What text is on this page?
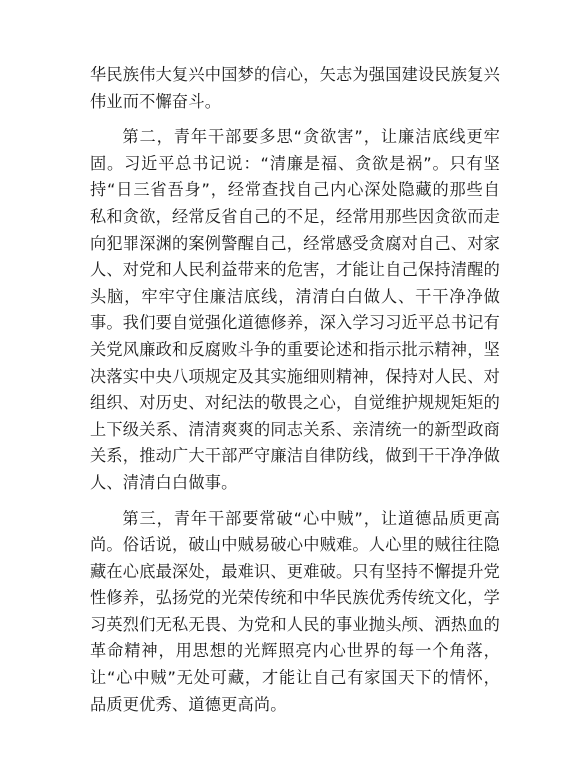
华民族伟大复兴中国梦的信心，矢志为强国建设民族复兴伟业而不懈奋斗。

第二，青年干部要多思“贪欲害”，让廉洁底线更牢固。习近平总书记说：“清廉是福、贪欲是祸”。只有坚持“日三省吾身”，经常查找自己内心深处隐藏的那些自私和贪欲，经常反省自己的不足，经常用那些因贪欲而走向犯罪深渊的案例警醒自己，经常感受贪腐对自己、对家人、对党和人民利益带来的危害，才能让自己保持清醒的头脑，牢牢守住廉洁底线，清清白白做人、干干净净做事。我们要自觉强化道德修养，深入学习习近平总书记有关党风廉政和反腐败斗争的重要论述和指示批示精神，坚决落实中央八项规定及其实施细则精神，保持对人民、对组织、对历史、对纪法的敬畏之心，自觉维护规规矩矩的上下级关系、清清爽爽的同志关系、亲清统一的新型政商关系，推动广大干部严守廉洁自律防线，做到干干净净做人、清清白白做事。

第三，青年干部要常破“心中贼”，让道德品质更高尚。俗话说，破山中贼易破心中贼难。人心里的贼往往隐藏在心底最深处，最难识、更难破。只有坚持不懈提升党性修养，弘扬党的光荣传统和中华民族优秀传统文化，学习英烈们无私无畏、为党和人民的事业抛头颅、洒热血的革命精神，用思想的光辉照亮内心世界的每一个角落，让“心中贼”无处可藏，才能让自己有家国天下的情怀，品质更优秀、道德更高尚。
